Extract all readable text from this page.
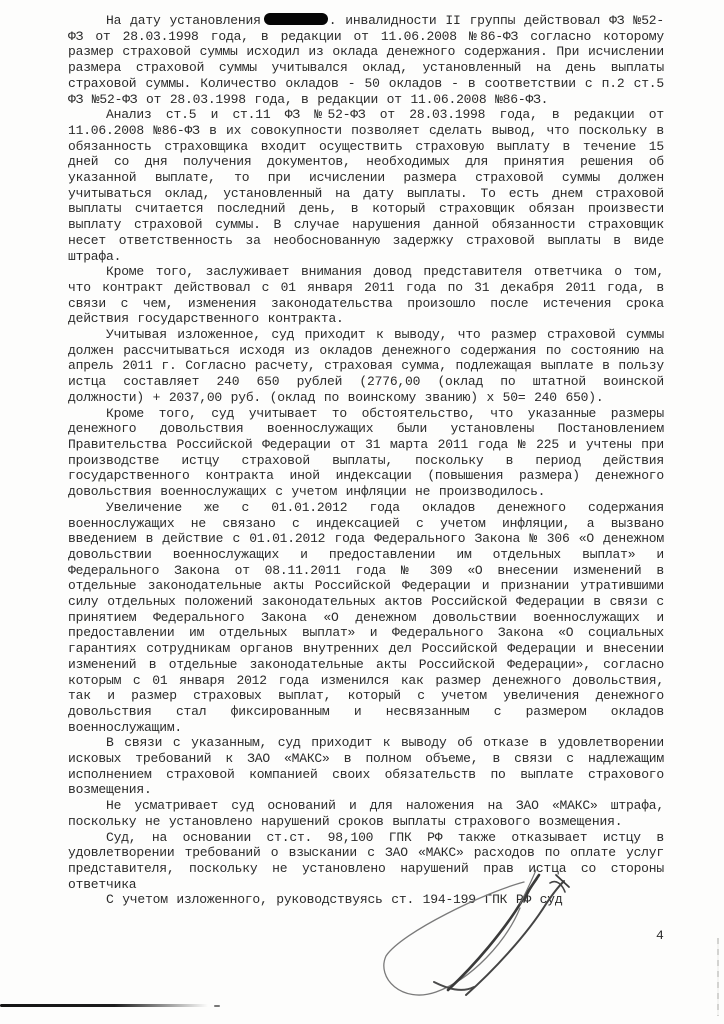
На дату установления	. инвалидности II группы действовал ФЗ №52-ФЗ от 28.03.1998 года, в редакции от 11.06.2008 №86-ФЗ согласно которому размер страховой суммы исходил из оклада денежного содержания. При исчислении размера страховой суммы учитывался оклад, установленный на день выплаты страховой суммы. Количество окладов - 50 окладов - в соответствии с п.2 ст.5 ФЗ №52-ФЗ от 28.03.1998 года, в редакции от 11.06.2008 №86-ФЗ.

Анализ ст.5 и ст.11 ФЗ №52-ФЗ от 28.03.1998 года, в редакции от 11.06.2008 №86-ФЗ в их совокупности позволяет сделать вывод, что поскольку в обязанность страховщика входит осуществить страховую выплату в течение 15 дней со дня получения документов, необходимых для принятия решения об указанной выплате, то при исчислении размера страховой суммы должен учитываться оклад, установленный на дату выплаты. То есть днем страховой выплаты считается последний день, в который страховщик обязан произвести выплату страховой суммы. В случае нарушения данной обязанности страховщик несет ответственность за необоснованную задержку страховой выплаты в виде штрафа.

Кроме того, заслуживает внимания довод представителя ответчика о том, что контракт действовал с 01 января 2011 года по 31 декабря 2011 года, в связи с чем, изменения законодательства произошло после истечения срока действия государственного контракта.

Учитывая изложенное, суд приходит к выводу, что размер страховой суммы должен рассчитываться исходя из окладов денежного содержания по состоянию на апрель 2011 г. Согласно расчету, страховая сумма, подлежащая выплате в пользу истца составляет 240 650 рублей (2776,00 (оклад по штатной воинской должности) + 2037,00 руб. (оклад по воинскому званию) х 50= 240 650).

Кроме того, суд учитывает то обстоятельство, что указанные размеры денежного довольствия военнослужащих были установлены Постановлением Правительства Российской Федерации от 31 марта 2011 года № 225 и учтены при производстве истцу страховой выплаты, поскольку в период действия государственного контракта иной индексации (повышения размера) денежного довольствия военнослужащих с учетом инфляции не производилось.

Увеличение же с 01.01.2012 года окладов денежного содержания военнослужащих не связано с индексацией с учетом инфляции, а вызвано введением в действие с 01.01.2012 года Федерального Закона № 306 «О денежном довольствии военнослужащих и предоставлении им отдельных выплат» и Федерального Закона от 08.11.2011 года № 309 «О внесении изменений в отдельные законодательные акты Российской Федерации и признании утратившими силу отдельных положений законодательных актов Российской Федерации в связи с принятием Федерального Закона «О денежном довольствии военнослужащих и предоставлении им отдельных выплат» и Федерального Закона «О социальных гарантиях сотрудникам органов внутренних дел Российской Федерации и внесении изменений в отдельные законодательные акты Российской Федерации», согласно которым с 01 января 2012 года изменился как размер денежного довольствия, так и размер страховых выплат, который с учетом увеличения денежного довольствия стал фиксированным и несвязанным с размером окладов военнослужащим.

В связи с указанным, суд приходит к выводу об отказе в удовлетворении исковых требований к ЗАО «МАКС» в полном объеме, в связи с надлежащим исполнением страховой компанией своих обязательств по выплате страхового возмещения.

Не усматривает суд оснований и для наложения на ЗАО «МАКС» штрафа, поскольку не установлено нарушений сроков выплаты страхового возмещения.

Суд, на основании ст.ст. 98,100 ГПК РФ также отказывает истцу в удовлетворении требований о взыскании с ЗАО «МАКС» расходов по оплате услуг представителя, поскольку не установлено нарушений прав истца со стороны ответчика

С учетом изложенного, руководствуясь ст. 194-199 ГПК РФ суд

4
